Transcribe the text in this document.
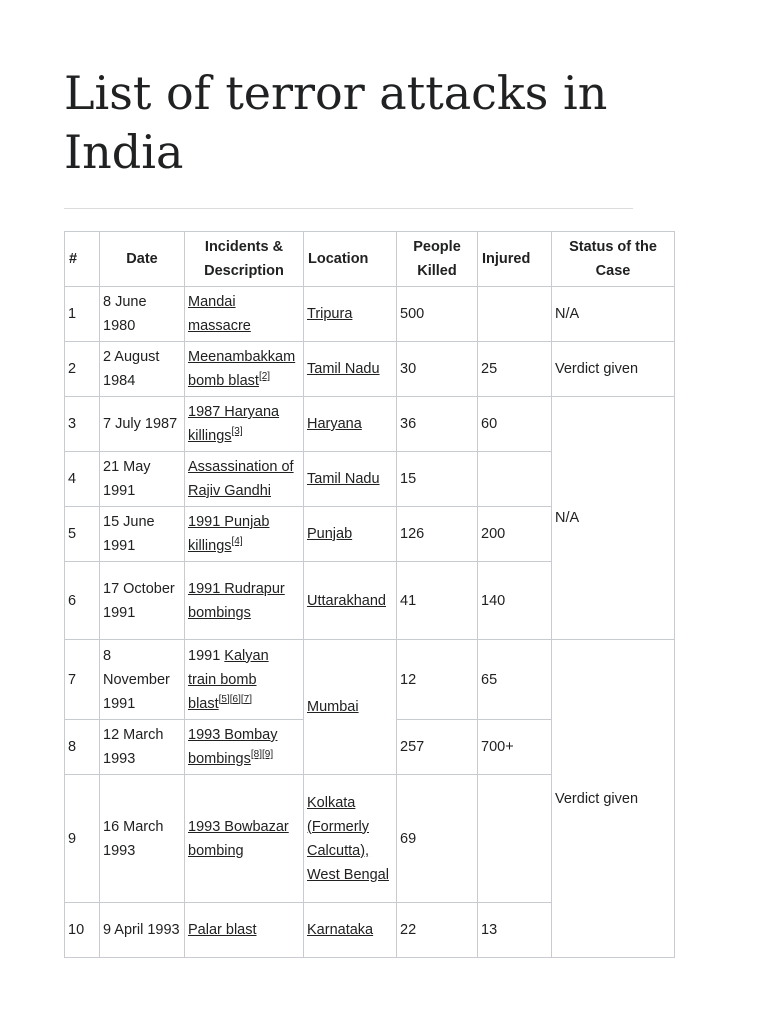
List of terror attacks in India
#	Date	Incidents & Description	Location	People Killed	Injured	Status of the Case
1	8 June 1980	Mandai massacre	Tripura	500		N/A
2	2 August 1984	Meenambakkam bomb blast[2]	Tamil Nadu	30	25	Verdict given
3	7 July 1987	1987 Haryana killings[3]	Haryana	36	60	N/A
4	21 May 1991	Assassination of Rajiv Gandhi	Tamil Nadu	15		
5	15 June 1991	1991 Punjab killings[4]	Punjab	126	200	
6	17 October 1991	1991 Rudrapur bombings	Uttarakhand	41	140	
7	8 November 1991	1991 Kalyan train bomb blast[5][6][7]	Mumbai	12	65	Verdict given
8	12 March 1993	1993 Bombay bombings[8][9]		257	700+	
9	16 March 1993	1993 Bowbazar bombing	Kolkata (Formerly Calcutta), West Bengal	69		
10	9 April 1993	Palar blast	Karnataka	22	13	
